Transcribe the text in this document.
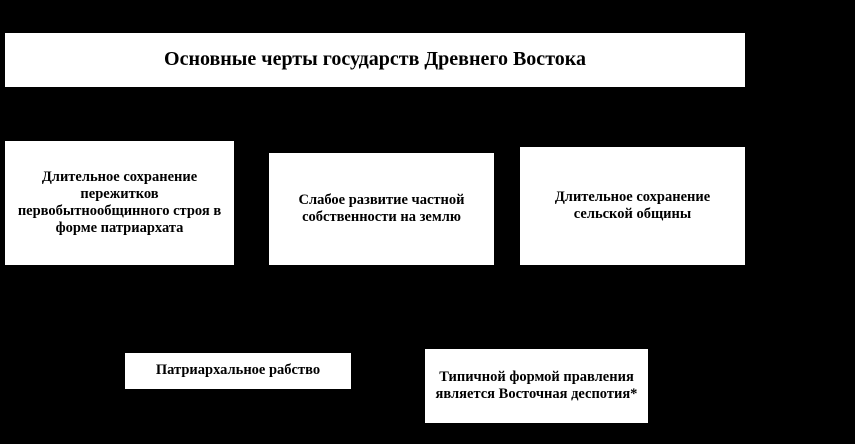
Основные черты государств Древнего Востока
Длительное сохранение пережитков первобытнообщинного строя в форме патриархата
Слабое развитие частной собственности на землю
Длительное сохранение сельской общины
Патриархальное рабство	Типичной формой правления является Восточная деспотия*
